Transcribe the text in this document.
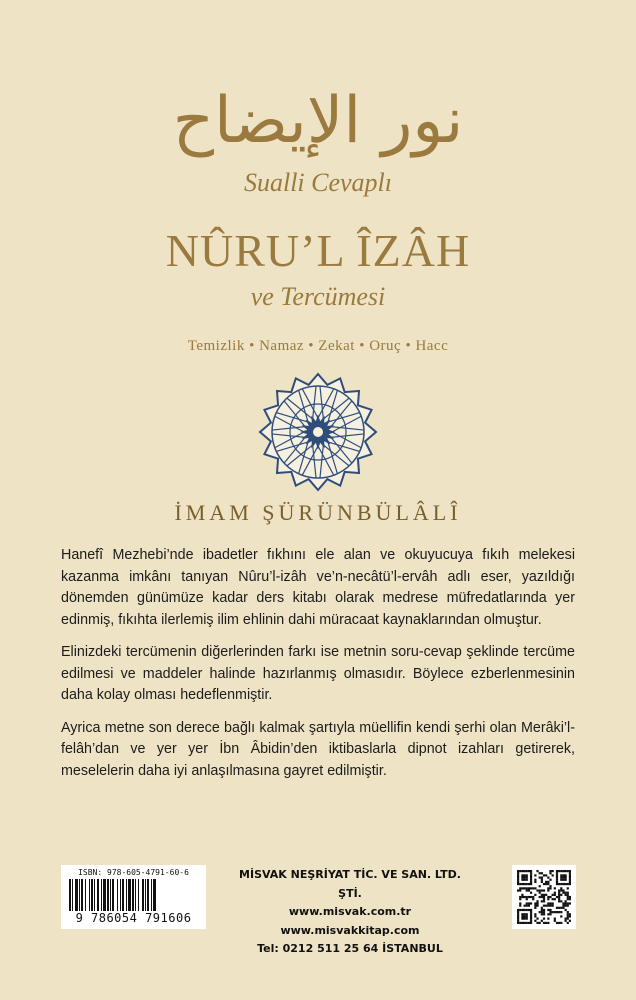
نور الإيضاح
Sualli Cevaplı
NÛRU’L ÎZÂH
ve Tercümesi
Temizlik • Namaz • Zekat • Oruç • Hacc
İMAM ŞÜRÜNBÜLÂLÎ

Hanefî Mezhebi’nde ibadetler fıkhını ele alan ve okuyucuya fıkıh melekesi kazanma imkânı tanıyan Nûru’l-izâh ve’n-necâtü’l-ervâh adlı eser, yazıldığı dönemden günümüze kadar ders kitabı olarak medrese müfredatlarında yer edinmiş, fıkıhta ilerlemiş ilim ehlinin dahi müracaat kaynaklarından olmuştur.

Elinizdeki tercümenin diğerlerinden farkı ise metnin soru-cevap şeklinde tercüme edilmesi ve maddeler halinde hazırlanmış olmasıdır. Böylece ezberlenmesinin daha kolay olması hedeflenmiştir.

Ayrica metne son derece bağlı kalmak şartıyla müellifin kendi şerhi olan Merâki’l-felâh’dan ve yer yer İbn Âbidin’den iktibaslarla dipnot izahları getirerek, meselelerin daha iyi anlaşılmasına gayret edilmiştir.

ISBN: 978-605-4791-60-6
9 786054 791606
MİSVAK NEŞRİYAT TİC. VE SAN. LTD. ŞTİ.
www.misvak.com.tr
www.misvakkitap.com
Tel: 0212 511 25 64 İSTANBUL
